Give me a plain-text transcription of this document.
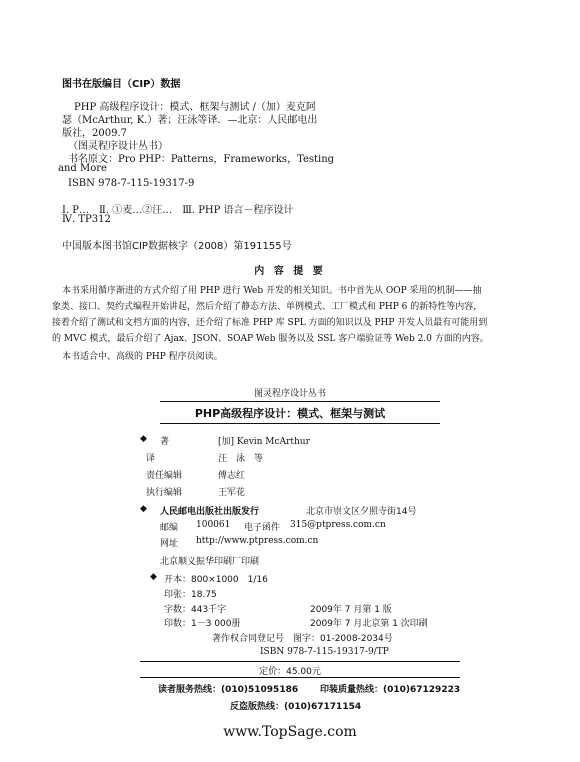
图书在版编目（CIP）数据
PHP 高级程序设计：模式、框架与测试 /（加）麦克阿
瑟（McArthur, K.）著；汪泳等译．—北京：人民邮电出
版社，2009.7
（图灵程序设计丛书）
书名原文：Pro PHP：Patterns，Frameworks，Testing
and More
ISBN 978-7-115-19317-9
Ⅰ. P…　Ⅱ. ①麦…②汪…　Ⅲ. PHP 语言－程序设计
Ⅳ. TP312
中国版本图书馆CIP数据核字（2008）第191155号
内 容 提 要
本书采用循序渐进的方式介绍了用 PHP 进行 Web 开发的相关知识。书中首先从 OOP 采用的机制——抽
象类、接口、契约式编程开始讲起，然后介绍了静态方法、单例模式、工厂模式和 PHP 6 的新特性等内容，
接着介绍了测试和文档方面的内容，还介绍了标准 PHP 库 SPL 方面的知识以及 PHP 开发人员最有可能用到
的 MVC 模式，最后介绍了 Ajax、JSON、SOAP Web 服务以及 SSL 客户端验证等 Web 2.0 方面的内容。
本书适合中、高级的 PHP 程序员阅读。
图灵程序设计丛书
PHP高级程序设计：模式、框架与测试
◆ 著	[加] Kevin McArthur
译	汪　泳　等
责任编辑	傅志红
执行编辑	王军花
◆ 人民邮电出版社出版发行	北京市崇文区夕照寺街14号
邮编 100061 电子函件 315@ptpress.com.cn
网址 http://www.ptpress.com.cn
北京顺义振华印刷厂印刷
◆ 开本：800×1000　1/16
印张：18.75
字数：443千字	2009年 7 月第 1 版
印数：1－3 000册	2009年 7 月北京第 1 次印刷
著作权合同登记号　图字：01-2008-2034号
ISBN 978-7-115-19317-9/TP
定价：45.00元
读者服务热线：(010)51095186 印装质量热线：(010)67129223
反盗版热线：(010)67171154
www.TopSage.com
